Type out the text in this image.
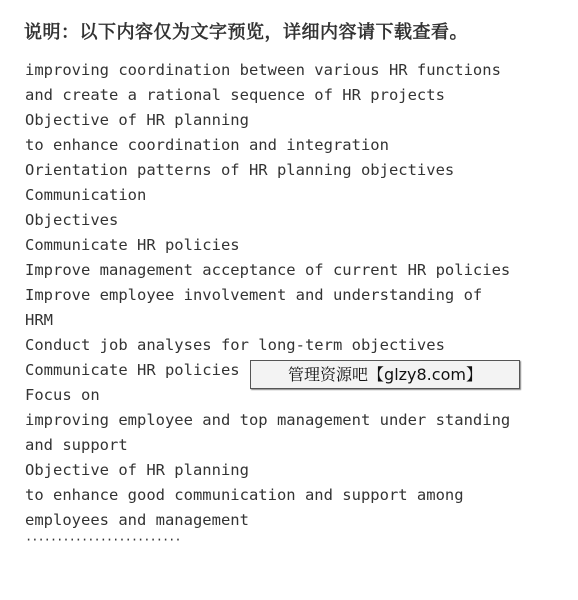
说明：以下内容仅为文字预览，详细内容请下载查看。
improving coordination between various HR functions
and create a rational sequence of HR projects
Objective of HR planning
to enhance coordination and integration
Orientation patterns of HR planning objectives
Communication
Objectives
Communicate HR policies
Improve management acceptance of current HR policies
Improve employee involvement and understanding of
HRM
Conduct job analyses for long-term objectives
Communicate HR policies
Focus on
improving employee and top management under standing
and support
Objective of HR planning
to enhance good communication and support among
employees and management
·························
管理资源吧【glzy8.com】
